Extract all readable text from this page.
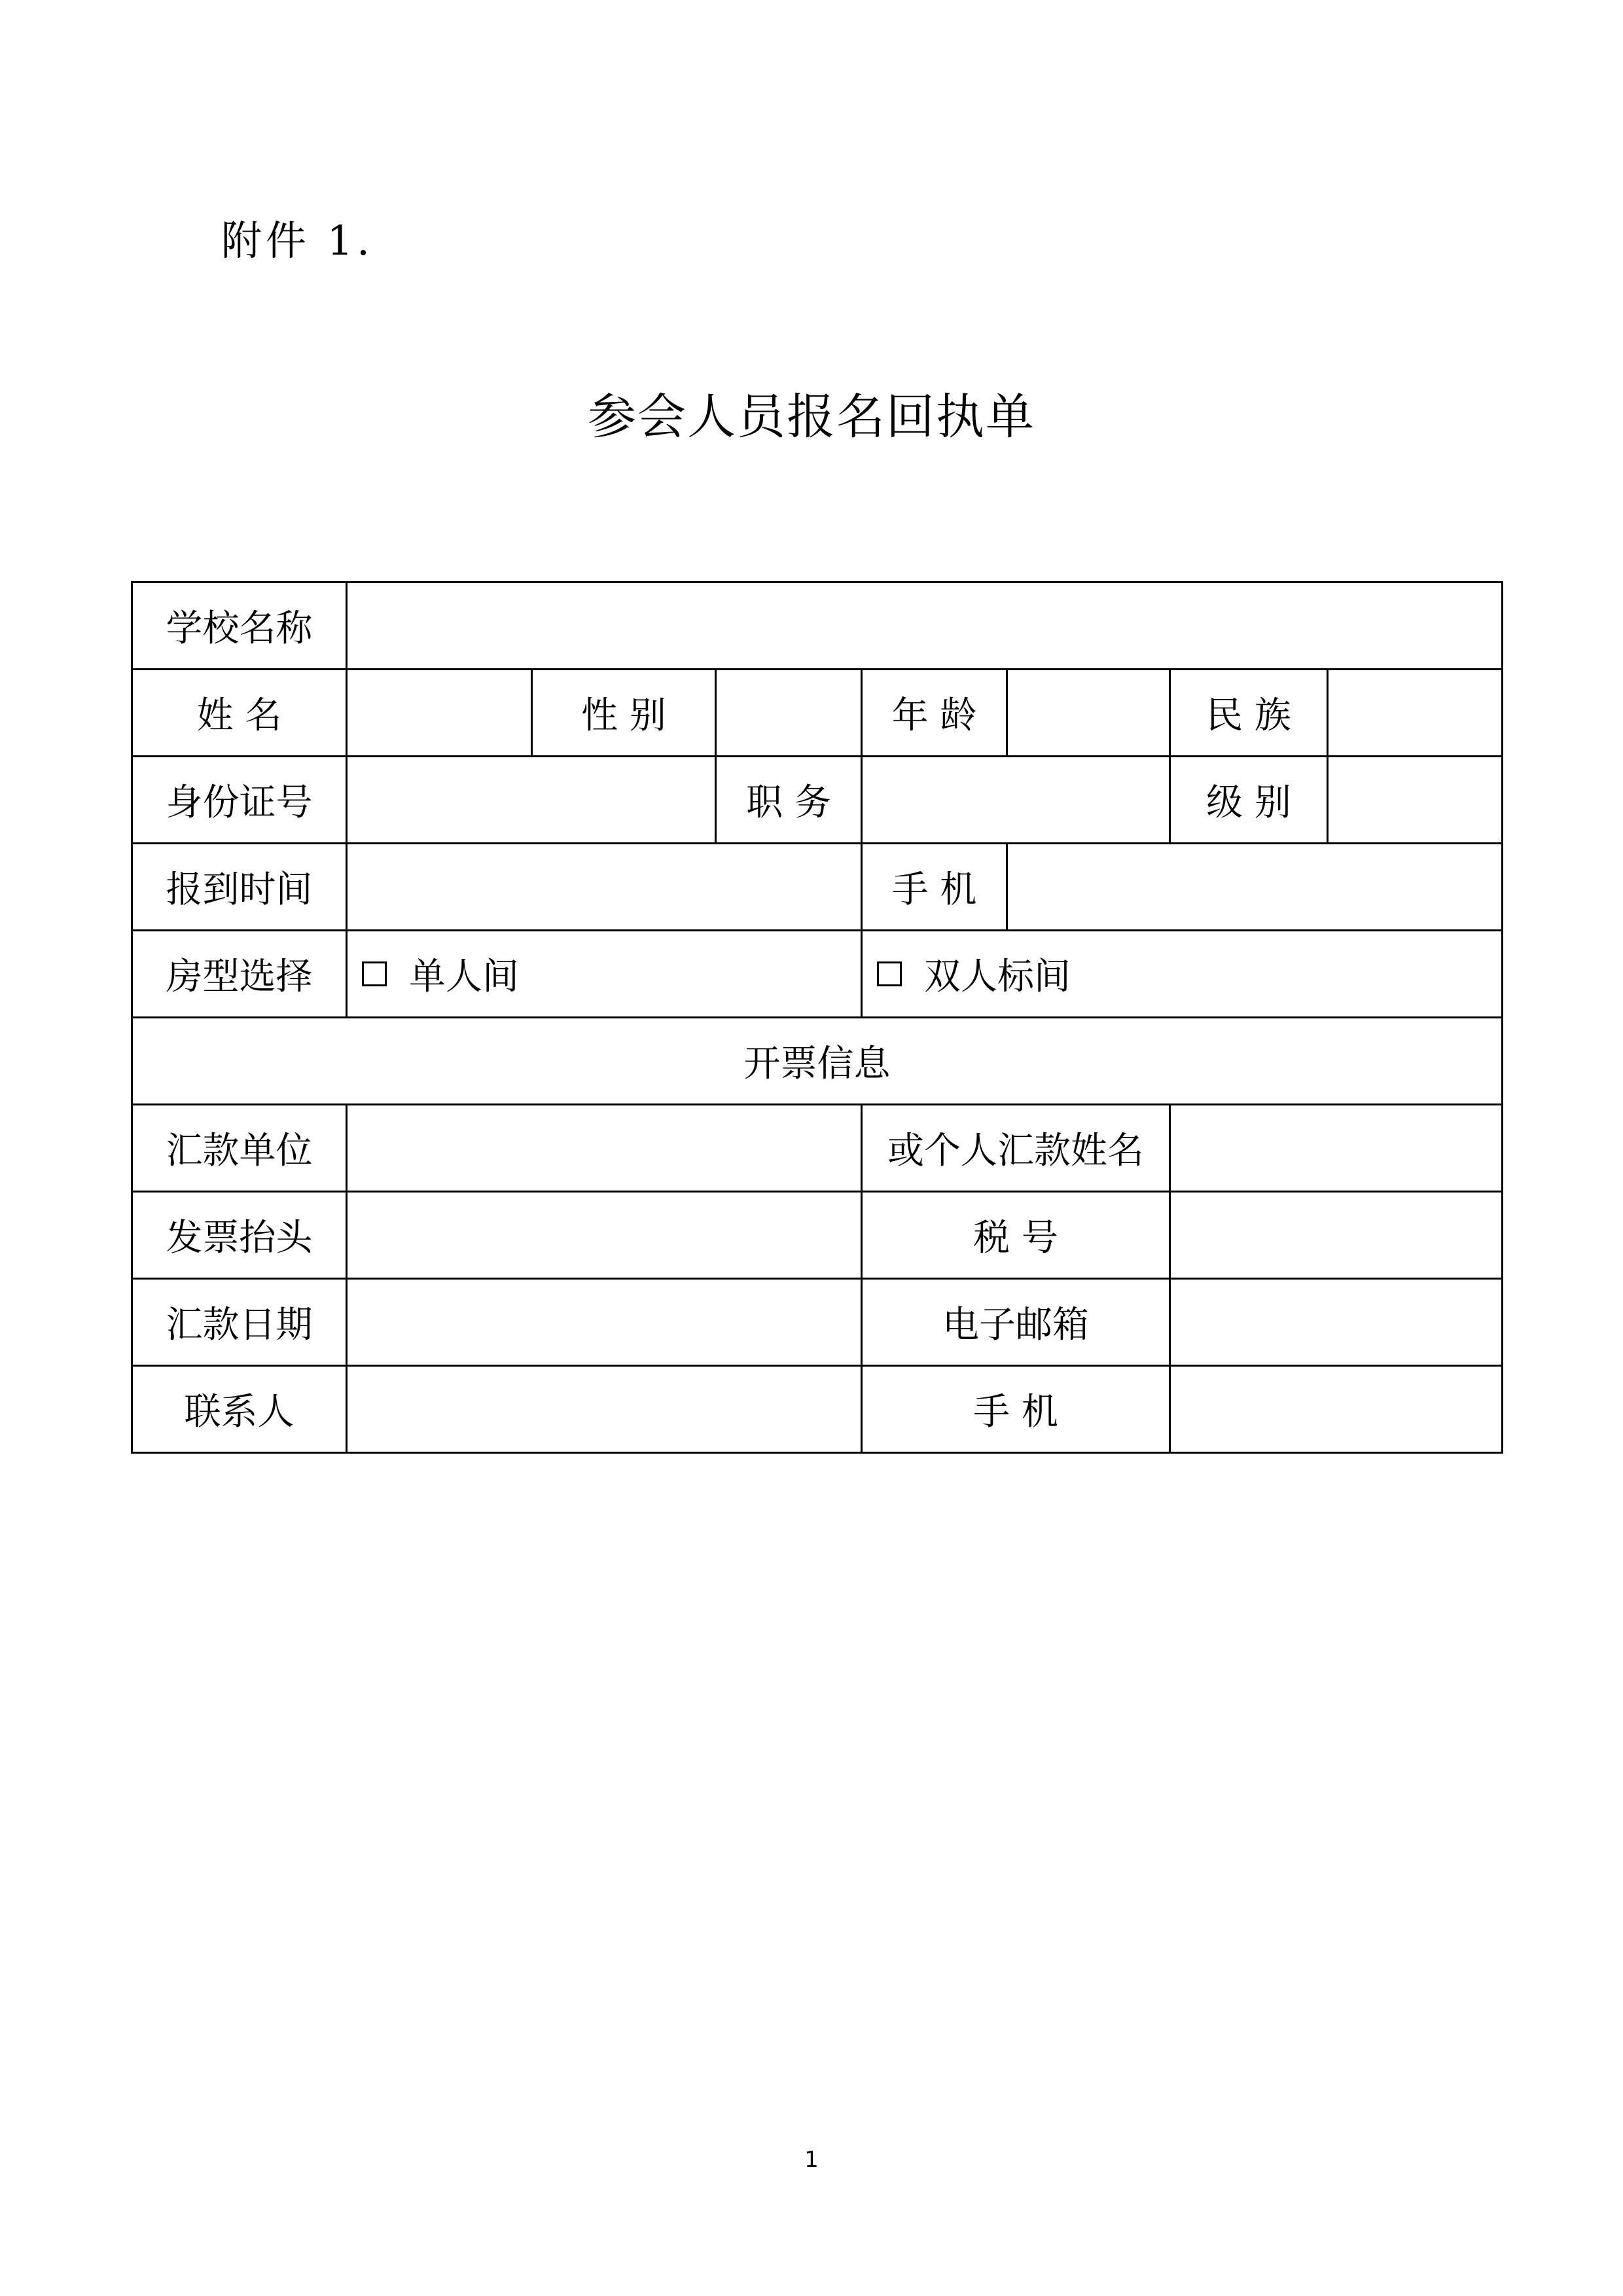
附件 1.
参会人员报名回执单
学校名称
姓 名	性 别	年 龄	民 族
身份证号	职 务	级 别
报到时间	手 机
房型选择	单人间	双人标间
开票信息
汇款单位	或个人汇款姓名
发票抬头	税 号
汇款日期	电子邮箱
联系人	手 机
1
